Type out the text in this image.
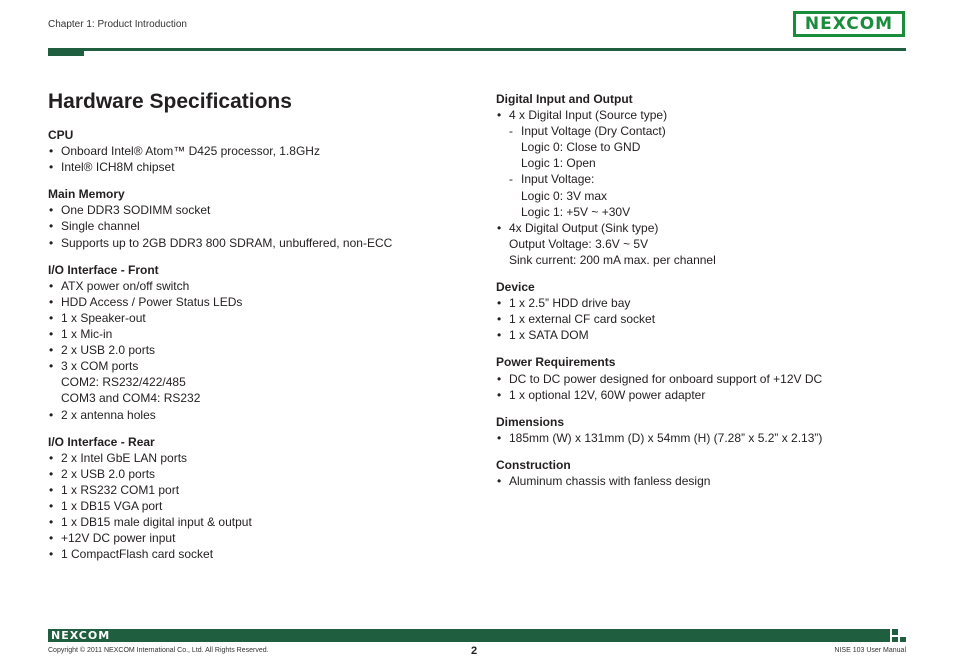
Chapter 1: Product Introduction	NEXCOM
Hardware Specifications
CPU
• Onboard Intel® Atom™ D425 processor, 1.8GHz
• Intel® ICH8M chipset
Main Memory
• One DDR3 SODIMM socket
• Single channel
• Supports up to 2GB DDR3 800 SDRAM, unbuffered, non-ECC
I/O Interface - Front
• ATX power on/off switch
• HDD Access / Power Status LEDs
• 1 x Speaker-out
• 1 x Mic-in
• 2 x USB 2.0 ports
• 3 x COM ports
COM2: RS232/422/485
COM3 and COM4: RS232
• 2 x antenna holes
I/O Interface - Rear
• 2 x Intel GbE LAN ports
• 2 x USB 2.0 ports
• 1 x RS232 COM1 port
• 1 x DB15 VGA port
• 1 x DB15 male digital input & output
• +12V DC power input
• 1 CompactFlash card socket
Digital Input and Output
• 4 x Digital Input (Source type)
- Input Voltage (Dry Contact)
Logic 0: Close to GND
Logic 1: Open
- Input Voltage:
Logic 0: 3V max
Logic 1: +5V ~ +30V
• 4x Digital Output (Sink type)
Output Voltage: 3.6V ~ 5V
Sink current: 200 mA max. per channel
Device
• 1 x 2.5” HDD drive bay
• 1 x external CF card socket
• 1 x SATA DOM
Power Requirements
• DC to DC power designed for onboard support of +12V DC
• 1 x optional 12V, 60W power adapter
Dimensions
• 185mm (W) x 131mm (D) x 54mm (H) (7.28” x 5.2” x 2.13”)
Construction
• Aluminum chassis with fanless design
NEXCOM
Copyright © 2011 NEXCOM International Co., Ltd. All Rights Reserved.	2	NISE 103 User Manual
